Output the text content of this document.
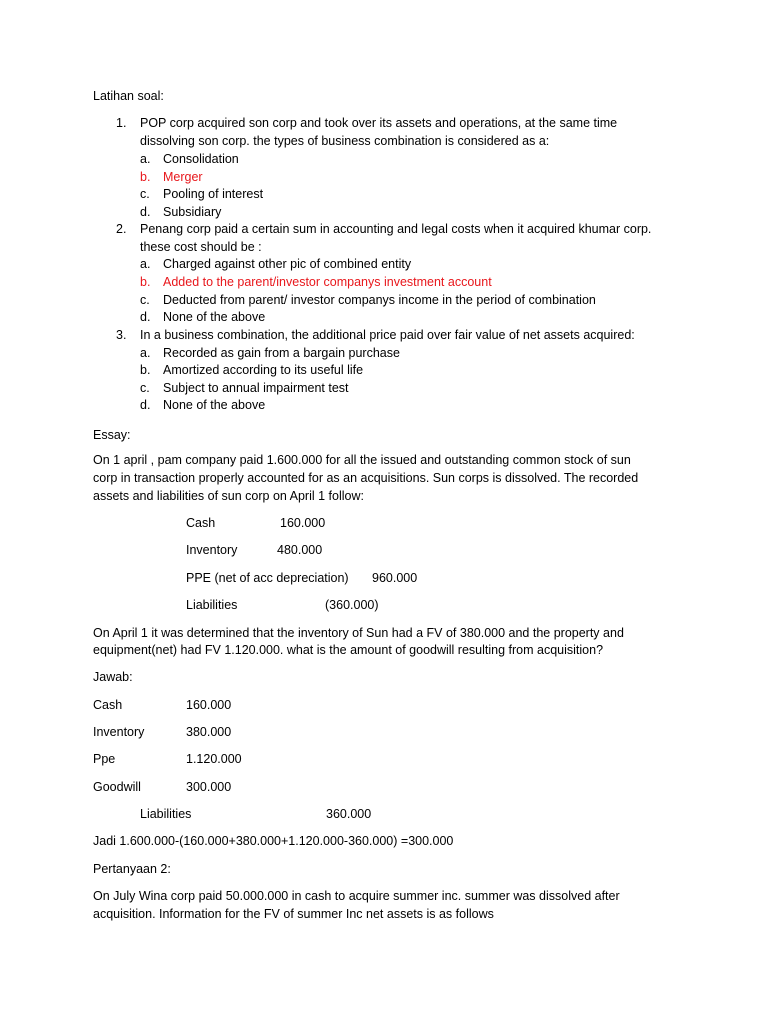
Latihan soal:
1. POP corp acquired son corp and took over its assets and operations, at the same time
dissolving son corp. the types of business combination is considered as a:
a. Consolidation
b. Merger
c. Pooling of interest
d. Subsidiary
2. Penang corp paid a certain sum in accounting and legal costs when it acquired khumar corp.
these cost should be :
a. Charged against other pic of combined entity
b. Added to the parent/investor companys investment account
c. Deducted from parent/ investor companys income in the period of combination
d. None of the above
3. In a business combination, the additional price paid over fair value of net assets acquired:
a. Recorded as gain from a bargain purchase
b. Amortized according to its useful life
c. Subject to annual impairment test
d. None of the above
Essay:
On 1 april , pam company paid 1.600.000 for all the issued and outstanding common stock of sun
corp in transaction properly accounted for as an acquisitions. Sun corps is dissolved. The recorded
assets and liabilities of sun corp on April 1 follow:
Cash	160.000
Inventory	480.000
PPE (net of acc depreciation) 960.000
Liabilities	(360.000)
On April 1 it was determined that the inventory of Sun had a FV of 380.000 and the property and
equipment(net) had FV 1.120.000. what is the amount of goodwill resulting from acquisition?
Jawab:
Cash	160.000
Inventory	380.000
Ppe	1.120.000
Goodwill	300.000
Liabilities	360.000
Jadi 1.600.000-(160.000+380.000+1.120.000-360.000) =300.000
Pertanyaan 2:
On July Wina corp paid 50.000.000 in cash to acquire summer inc. summer was dissolved after
acquisition. Information for the FV of summer Inc net assets is as follows
